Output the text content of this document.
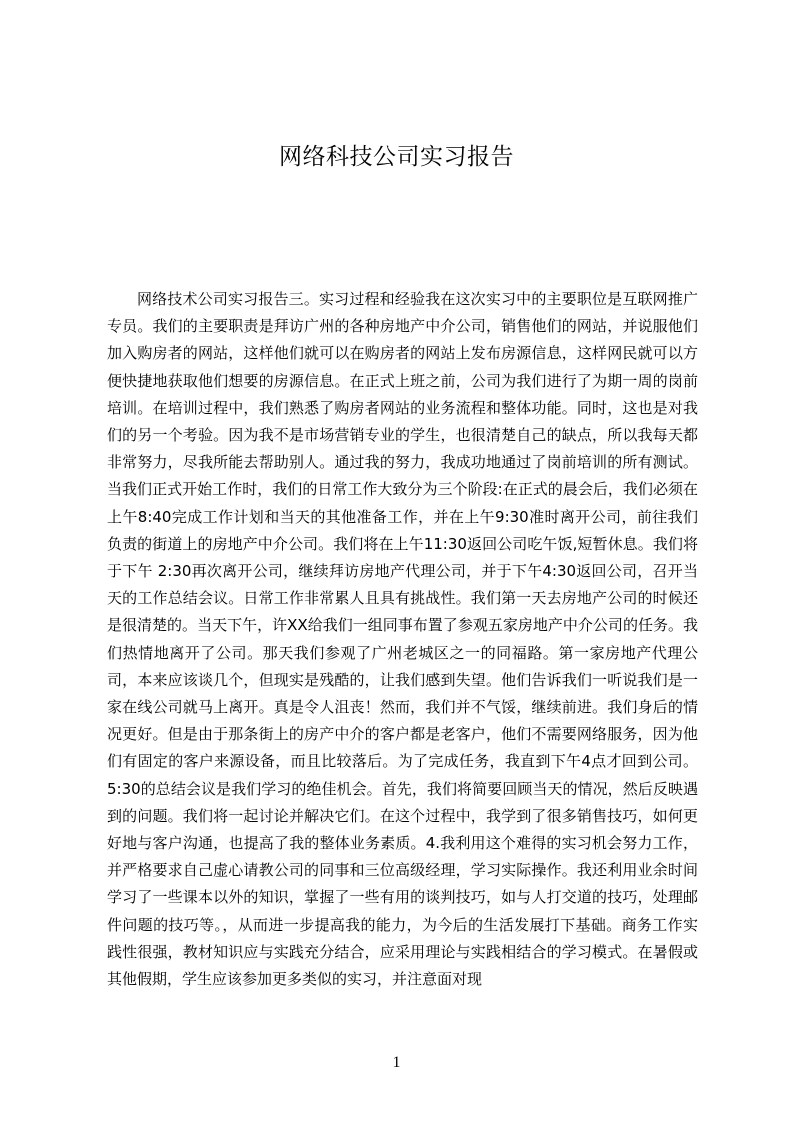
网络科技公司实习报告

网络技术公司实习报告三。实习过程和经验我在这次实习中的主要职位是互联网推广专员。我们的主要职责是拜访广州的各种房地产中介公司，销售他们的网站，并说服他们加入购房者的网站，这样他们就可以在购房者的网站上发布房源信息，这样网民就可以方便快捷地获取他们想要的房源信息。在正式上班之前，公司为我们进行了为期一周的岗前培训。在培训过程中，我们熟悉了购房者网站的业务流程和整体功能。同时，这也是对我们的另一个考验。因为我不是市场营销专业的学生，也很清楚自己的缺点，所以我每天都非常努力，尽我所能去帮助别人。通过我的努力，我成功地通过了岗前培训的所有测试。当我们正式开始工作时，我们的日常工作大致分为三个阶段:在正式的晨会后，我们必须在上午8:40完成工作计划和当天的其他准备工作，并在上午9:30准时离开公司，前往我们负责的街道上的房地产中介公司。我们将在上午11:30返回公司吃午饭,短暂休息。我们将于下午 2:30再次离开公司，继续拜访房地产代理公司，并于下午4:30返回公司，召开当天的工作总结会议。日常工作非常累人且具有挑战性。我们第一天去房地产公司的时候还是很清楚的。当天下午，许XX给我们一组同事布置了参观五家房地产中介公司的任务。我们热情地离开了公司。那天我们参观了广州老城区之一的同福路。第一家房地产代理公司，本来应该谈几个，但现实是残酷的，让我们感到失望。他们告诉我们一听说我们是一家在线公司就马上离开。真是令人沮丧！然而，我们并不气馁，继续前进。我们身后的情况更好。但是由于那条街上的房产中介的客户都是老客户，他们不需要网络服务，因为他们有固定的客户来源设备，而且比较落后。为了完成任务，我直到下午4点才回到公司。5:30的总结会议是我们学习的绝佳机会。首先，我们将简要回顾当天的情况，然后反映遇到的问题。我们将一起讨论并解决它们。在这个过程中，我学到了很多销售技巧，如何更好地与客户沟通，也提高了我的整体业务素质。4.我利用这个难得的实习机会努力工作，并严格要求自己虚心请教公司的同事和三位高级经理，学习实际操作。我还利用业余时间学习了一些课本以外的知识，掌握了一些有用的谈判技巧，如与人打交道的技巧，处理邮件问题的技巧等。，从而进一步提高我的能力，为今后的生活发展打下基础。商务工作实践性很强，教材知识应与实践充分结合，应采用理论与实践相结合的学习模式。在暑假或其他假期，学生应该参加更多类似的实习，并注意面对现

1
